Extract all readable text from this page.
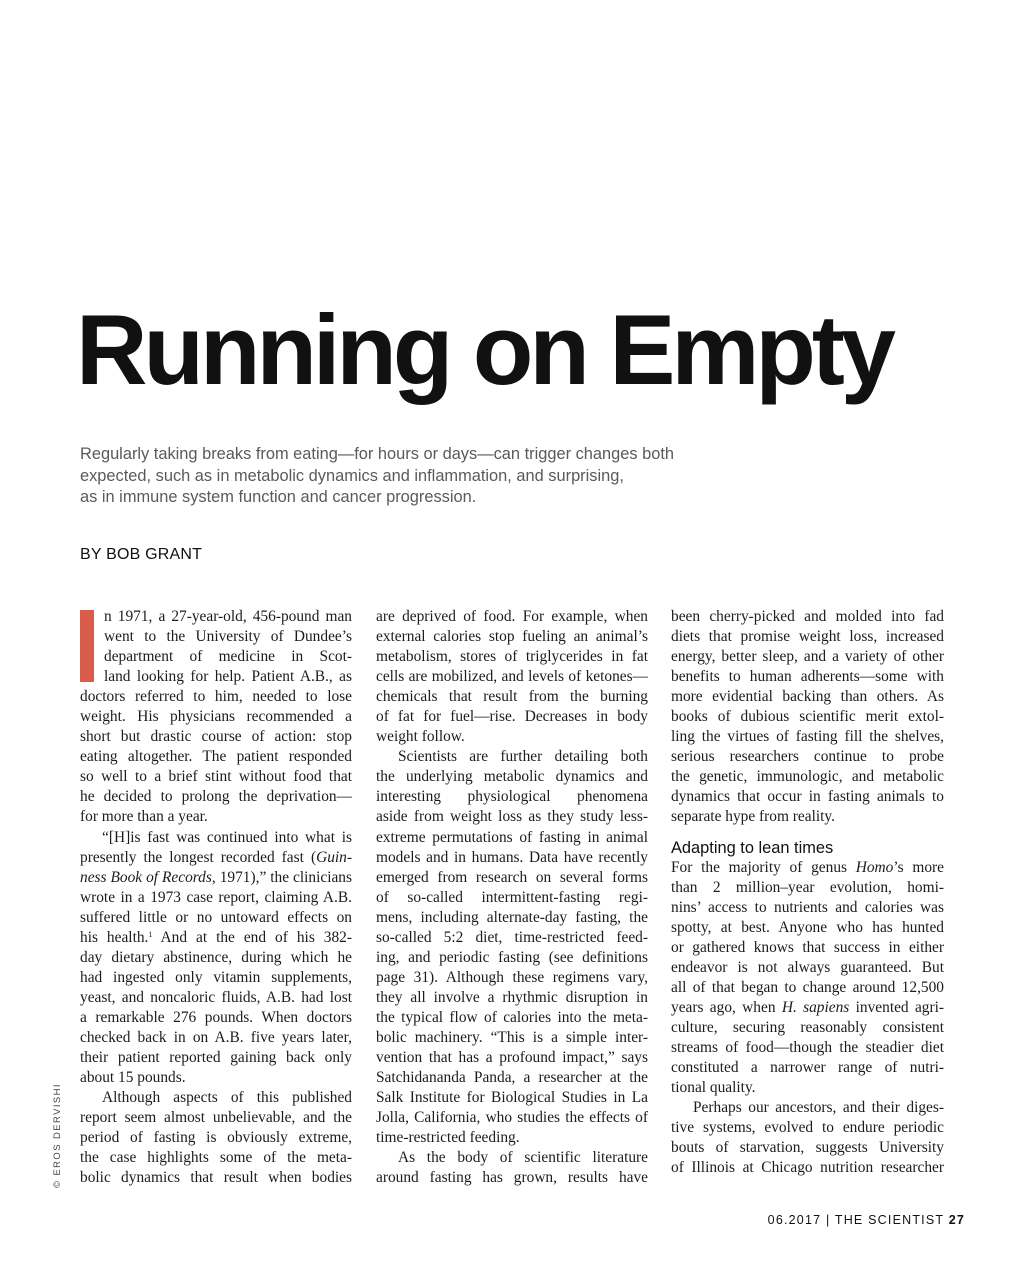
Running on Empty
Regularly taking breaks from eating—for hours or days—can trigger changes both
expected, such as in metabolic dynamics and inflammation, and surprising,
as in immune system function and cancer progression.
BY BOB GRANT
n 1971, a 27-year-old, 456-pound man
went to the University of Dundee’s
department of medicine in Scot-
land looking for help. Patient A.B., as
doctors referred to him, needed to lose
weight. His physicians recommended a
short but drastic course of action: stop
eating altogether. The patient responded
so well to a brief stint without food that
he decided to prolong the deprivation—
for more than a year.
“[H]is fast was continued into what is
presently the longest recorded fast (Guin-
ness Book of Records, 1971),” the clinicians
wrote in a 1973 case report, claiming A.B.
suffered little or no untoward effects on
his health.$^1$ And at the end of his 382-
day dietary abstinence, during which he
had ingested only vitamin supplements,
yeast, and noncaloric fluids, A.B. had lost
a remarkable 276 pounds. When doctors
checked back in on A.B. five years later,
their patient reported gaining back only
about 15 pounds.
Although aspects of this published
report seem almost unbelievable, and the
period of fasting is obviously extreme,
the case highlights some of the meta-
bolic dynamics that result when bodies
are deprived of food. For example, when
external calories stop fueling an animal’s
metabolism, stores of triglycerides in fat
cells are mobilized, and levels of ketones—
chemicals that result from the burning
of fat for fuel—rise. Decreases in body
weight follow.
Scientists are further detailing both
the underlying metabolic dynamics and
interesting physiological phenomena
aside from weight loss as they study less-
extreme permutations of fasting in animal
models and in humans. Data have recently
emerged from research on several forms
of so-called intermittent-fasting regi-
mens, including alternate-day fasting, the
so-called 5:2 diet, time-restricted feed-
ing, and periodic fasting (see definitions
page 31). Although these regimens vary,
they all involve a rhythmic disruption in
the typical flow of calories into the meta-
bolic machinery. “This is a simple inter-
vention that has a profound impact,” says
Satchidananda Panda, a researcher at the
Salk Institute for Biological Studies in La
Jolla, California, who studies the effects of
time-restricted feeding.
As the body of scientific literature
around fasting has grown, results have
been cherry-picked and molded into fad
diets that promise weight loss, increased
energy, better sleep, and a variety of other
benefits to human adherents—some with
more evidential backing than others. As
books of dubious scientific merit extol-
ling the virtues of fasting fill the shelves,
serious researchers continue to probe
the genetic, immunologic, and metabolic
dynamics that occur in fasting animals to
separate hype from reality.
Adapting to lean times
For the majority of genus Homo’s more
than 2 million–year evolution, homi-
nins’ access to nutrients and calories was
spotty, at best. Anyone who has hunted
or gathered knows that success in either
endeavor is not always guaranteed. But
all of that began to change around 12,500
years ago, when H. sapiens invented agri-
culture, securing reasonably consistent
streams of food—though the steadier diet
constituted a narrower range of nutri-
tional quality.
Perhaps our ancestors, and their diges-
tive systems, evolved to endure periodic
bouts of starvation, suggests University
of Illinois at Chicago nutrition researcher
© EROS DERVISHI
06.2017 | THE SCIENTIST 27
